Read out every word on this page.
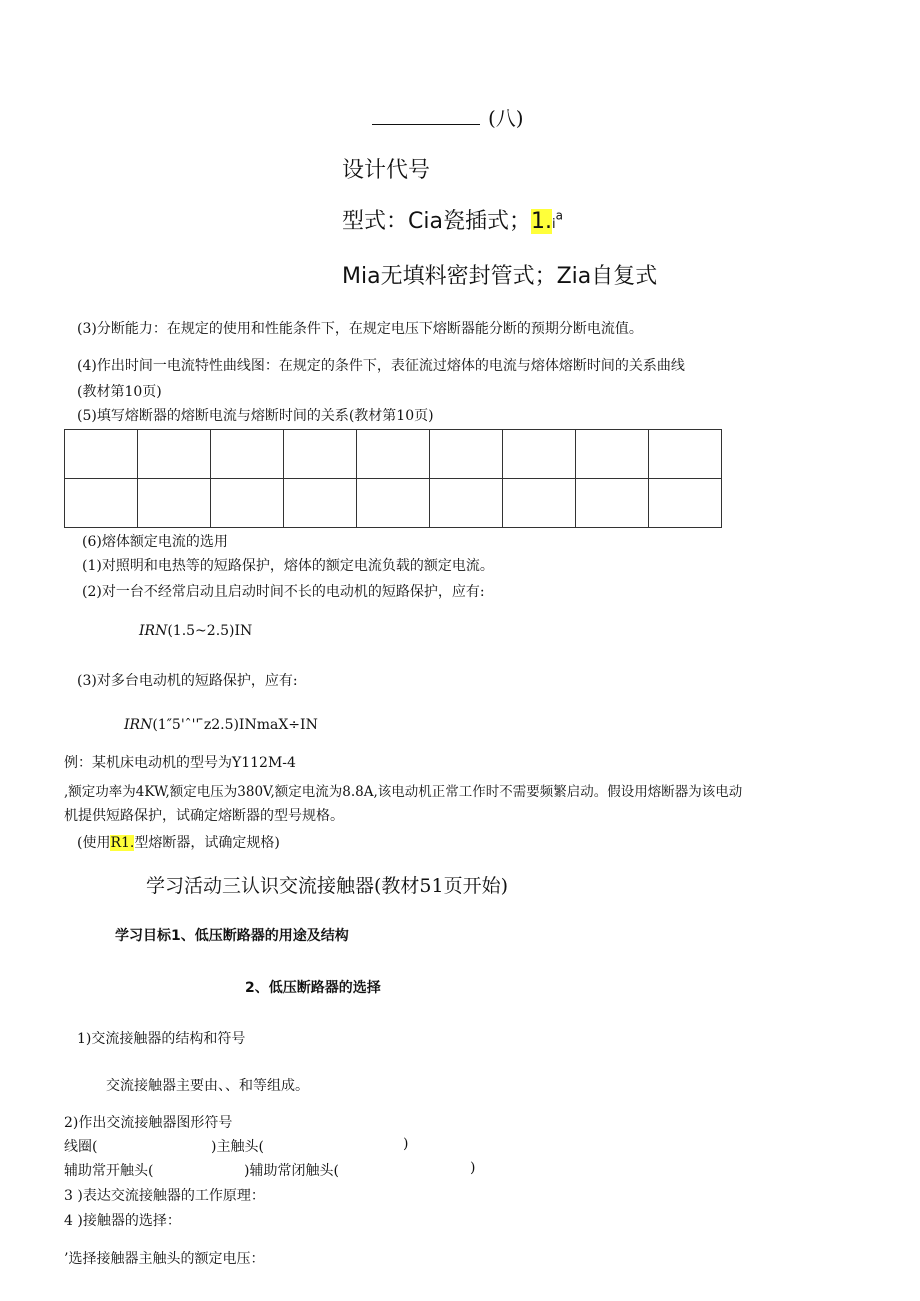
(八)
设计代号
型式：Cia瓷插式；$1.i^a$
Mia无填料密封管式；Zia自复式
(3)分断能力：在规定的使用和性能条件下，在规定电压下熔断器能分断的预期分断电流值。
(4)作出时间一电流特性曲线图：在规定的条件下，表征流过熔体的电流与熔体熔断时间的关系曲线
(教材第10页)
(5)填写熔断器的熔断电流与熔断时间的关系(教材第10页)

(6)熔体额定电流的选用
(1)对照明和电热等的短路保护，熔体的额定电流负载的额定电流。
(2)对一台不经常启动且启动时间不长的电动机的短路保护，应有:
IRN(1.5~2.5)IN
(3)对多台电动机的短路保护，应有:
IRN(1″5'ˆ'' ̄z2.5)INmaX÷IN
例：某机床电动机的型号为Y112M-4
,额定功率为4KW,额定电压为380V,额定电流为8.8A,该电动机正常工作时不需要频繁启动。假设用熔断器为该电动
机提供短路保护，试确定熔断器的型号规格。
(使用R1.型熔断器，试确定规格)
学习活动三认识交流接触器(教材51页开始)
学习目标1、低压断路器的用途及结构
2、低压断路器的选择
1)交流接触器的结构和符号
交流接触器主要由、、和等组成。
2)作出交流接触器图形符号
线圈(	)主触头(	)
辅助常开触头(	)辅助常闭触头(	)
3 )表达交流接触器的工作原理：
4 )接触器的选择：
’选择接触器主触头的额定电压：
